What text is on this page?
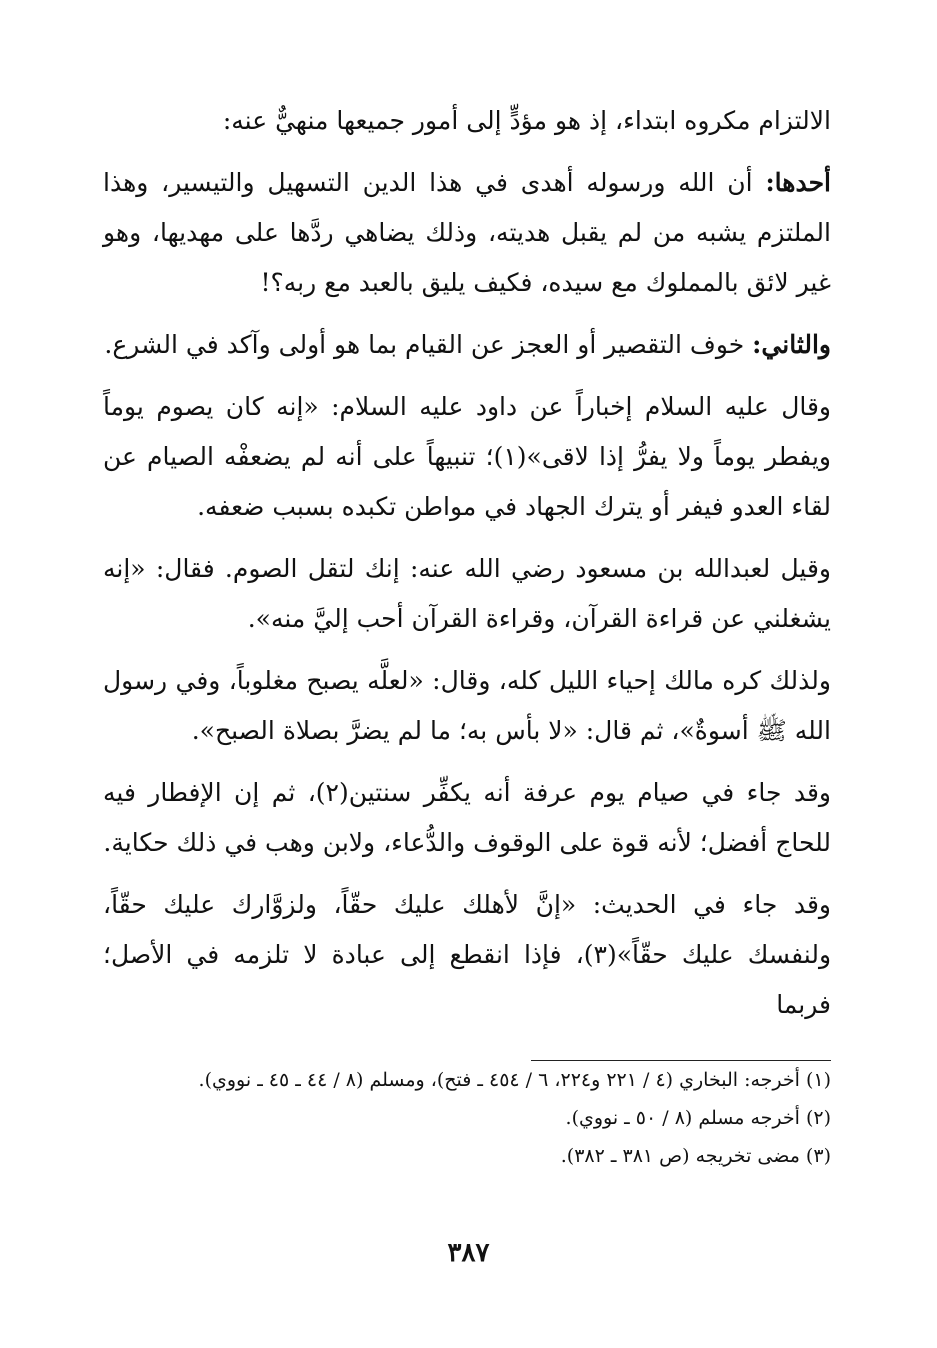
الالتزام مكروه ابتداء، إذ هو مؤدٍّ إلى أمور جميعها منهيٌّ عنه:

أحدها: أن الله ورسوله أهدى في هذا الدين التسهيل والتيسير، وهذا الملتزم يشبه من لم يقبل هديته، وذلك يضاهي ردَّها على مهديها، وهو غير لائق بالمملوك مع سيده، فكيف يليق بالعبد مع ربه؟!

والثاني: خوف التقصير أو العجز عن القيام بما هو أولى وآكد في الشرع.

وقال عليه السلام إخباراً عن داود عليه السلام: «إنه كان يصوم يوماً ويفطر يوماً ولا يفرُّ إذا لاقى»(١)؛ تنبيهاً على أنه لم يضعفْه الصيام عن لقاء العدو فيفر أو يترك الجهاد في مواطن تكبده بسبب ضعفه.

وقيل لعبدالله بن مسعود رضي الله عنه: إنك لتقل الصوم. فقال: «إنه يشغلني عن قراءة القرآن، وقراءة القرآن أحب إليَّ منه».

ولذلك كره مالك إحياء الليل كله، وقال: «لعلَّه يصبح مغلوباً، وفي رسول الله ﷺ أسوةٌ»، ثم قال: «لا بأس به؛ ما لم يضرَّ بصلاة الصبح».

وقد جاء في صيام يوم عرفة أنه يكفِّر سنتين(٢)، ثم إن الإفطار فيه للحاج أفضل؛ لأنه قوة على الوقوف والدُّعاء، ولابن وهب في ذلك حكاية.

وقد جاء في الحديث: «إنَّ لأهلك عليك حقّاً، ولزوَّارك عليك حقّاً، ولنفسك عليك حقّاً»(٣)، فإذا انقطع إلى عبادة لا تلزمه في الأصل؛ فربما

(١) أخرجه: البخاري (٤ / ٢٢١ و٢٢٤، ٦ / ٤٥٤ ـ فتح)، ومسلم (٨ / ٤٤ ـ ٤٥ ـ نووي).

(٢) أخرجه مسلم (٨ / ٥٠ ـ نووي).

(٣) مضى تخريجه (ص ٣٨١ ـ ٣٨٢).

٣٨٧
